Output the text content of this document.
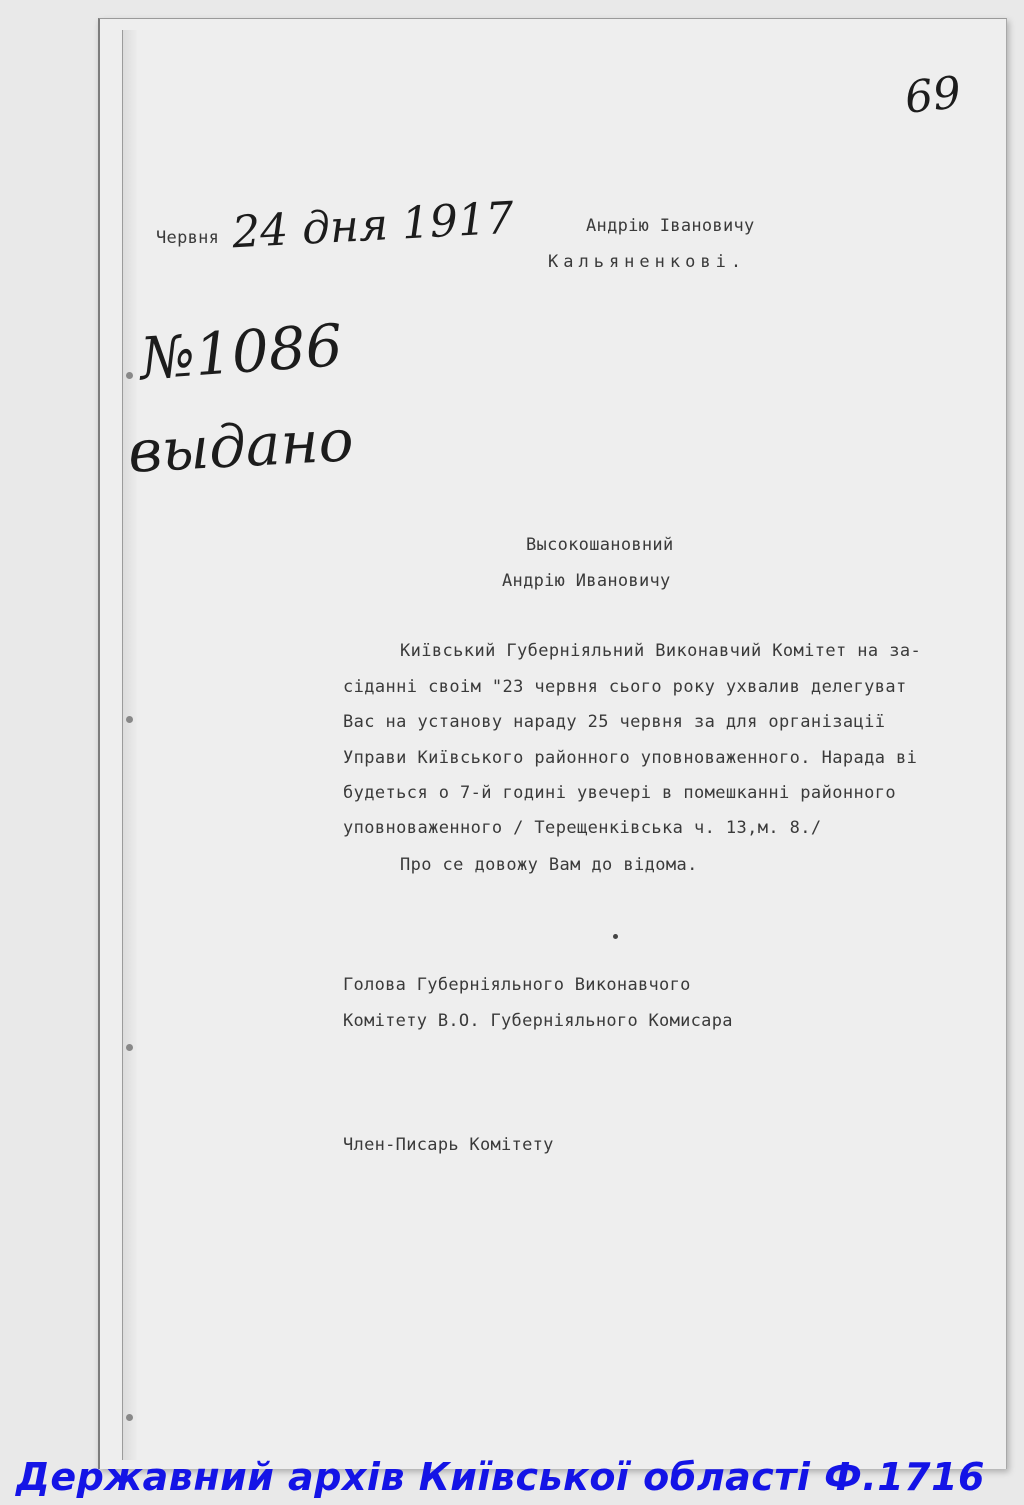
69
Червня 24 дня 1917
№1086
выдано
Андрію Івановичу
Кальяненкові.
Высокошановний
Андрію Ивановичу
Київський Губерніяльний Виконавчий Комітет на за-
сіданні своім "23 червня сього року ухвалив делегуват
Вас на установу нараду 25 червня за для організації
Управи Київського районного уповноваженного. Нарада ві
будеться о 7-й годині увечері в помешканні районного
уповноваженного / Терещенківська ч. 13,м. 8./
Про се довожу Вам до відома.
Голова Губерніяльного Виконавчого
Комітету В.О. Губерніяльного Комисара
Член-Писарь Комітету
Державний архів Київської області Ф.1716
